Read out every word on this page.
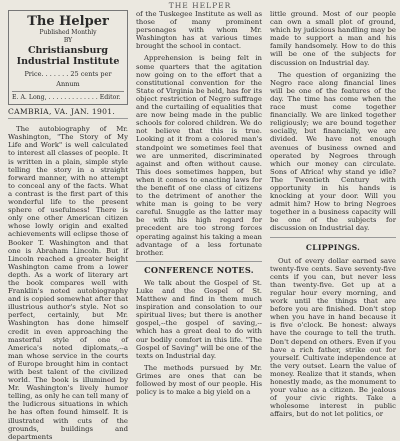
THE HELPER
The Helper
Published Monthly
BY
Christiansburg Industrial Institute
Price. . . . . . . 25 cents per Annum
E. A. Long, . . . . . . . . . . . . . Editor.
CAMBRIA, VA. JAN. 1901.

The autobiography of Mr. Washington, "The Story of My Life and Work" is well calculated to interest all classes of people. It is written in a plain, simple style telling the story in a straight forward manner, with no attempt to conceal any of the facts. What a contrast is the first part of this wonderful life to the present sphere of usefulness! There is only one other American citizen whose lowly origin and exalted achievements will eclipse those of Booker T. Washington and that one is Abraham Lincoln. But if Lincoln reached a greater height Washington came from a lower depth. As a work of literary art the book compares well with Franklin's noted autobiography and is copied somewhat after that illustrious author's style. Not so perfect, certainly, but Mr. Washington has done himself credit in even approaching the masterful style of one of America's noted diplomats,--a man whose service in the courts of Europe brought him in contact with best talent of the civilized world. The book is illumined by Mr. Washington's lively humor telling, as only he can tell many of the ludicrous situations in which he has often found himself. It is illustrated with cuts of the grounds, buildings and departments

of the Tuskegee Institute as well as those of many prominent personages with whom Mr. Washington has at various times brought the school in contact.

Apprehension is being felt in some quarters that the agitation now going on to the effort that a constitutional convention for the State of Virginia be held, has for its object restriction of Negro suffrage and the curtailing of equalities that are now being made in the public schools for colored children. We do not believe that this is true. Looking at it from a colored man's standpoint we sometimes feel that we are unmerited, discriminated against and often without cause. This does sometimes happen, but when it comes to enacting laws for the benefit of one class of citizens to the detriment of another the white man is going to be very careful. Snuggle as the latter may be with his high regard for precedent are too strong forces operating against his taking a mean advantage of a less fortunate brother.

CONFERENCE NOTES.

We talk about the Gospel of St. Luke and the Gospel of St. Matthew and find in them much inspiration and consolation to our spiritual lives; but there is another gospel,--the gospel of saving,--which has a great deal to do with our bodily comfort in this life. "The Gospel of Saving" will be one of the texts on Industrial day.

The methods pursued by Mr. Grimes are ones that can be followed by most of our people. His policy is to make a big yield on a

little ground. Most of our people can own a small plot of ground, which by judicious handling may be made to support a man and his family handsomely. How to do this will be one of the subjects for discussion on Industrial day.

The question of organizing the Negro race along financial lines will be one of the features of the day. The time has come when the race must come together financially. We are linked together religiously; we are bound together socially, but financially, we are divided. We have not enough avenues of business owned and operated by Negroes through which our money can circulate. Sons of Africa! why stand ye idle? The Twentieth Century with opportunity in his hands is knocking at your door. Will you admit him? How to bring Negroes together in a business capacity will be one of the subjects for discussion on Industrial day.

CLIPPINGS.

Out of every dollar earned save twenty-five cents. Save seventy-five cents if you can, but never less than twenty-five. Get up at a regular hour every morning, and work until the things that are before you are finished. Don't stop when you have in hand because it is five o'clock. Be honest: always have the courage to tell the truth. Don't depend on others. Even if you have a rich father, strike out for yourself. Cultivate independence at the very outset. Learn the value of money. Realize that it stands, when honestly made, as the monument to your value as a citizen. Be jealous of your civic rights. Take a wholesome interest in public affairs, but do not let politics, or
